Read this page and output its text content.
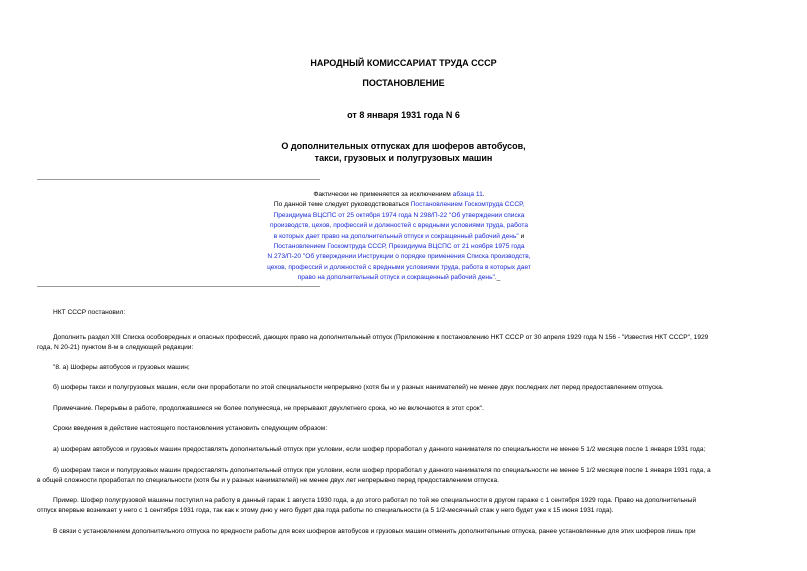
НАРОДНЫЙ КОМИССАРИАТ ТРУДА СССР
ПОСТАНОВЛЕНИЕ
от 8 января 1931 года N 6
О дополнительных отпусках для шоферов автобусов,
такси, грузовых и полугрузовых машин
Фактически не применяется за исключением абзаца 11.
По данной теме следует руководствоваться Постановлением Госкомтруда СССР,
Президиума ВЦСПС от 25 октября 1974 года N 298/П-22 "Об утверждении списка
производств, цехов, профессий и должностей с вредными условиями труда, работа
в которых дает право на дополнительный отпуск и сокращенный рабочий день" и
Постановлением Госкомтруда СССР, Президиума ВЦСПС от 21 ноября 1975 года
N 273/П-20 "Об утверждении Инструкции о порядке применения Списка производств,
цехов, профессий и должностей с вредными условиями труда, работа в которых дает
право на дополнительный отпуск и сокращенный рабочий день"._
НКТ СССР постановил:
Дополнить раздел XIII Списка особовредных и опасных профессий, дающих право на дополнительный отпуск (Приложение к постановлению НКТ СССР от 30 апреля 1929 года N 156 - "Известия НКТ СССР", 1929
года, N 20-21) пунктом 8-м в следующей редакции:
"8. а) Шоферы автобусов и грузовых машин;
б) шоферы такси и полугрузовых машин, если они проработали по этой специальности непрерывно (хотя бы и у разных нанимателей) не менее двух последних лет перед предоставлением отпуска.
Примечание. Перерывы в работе, продолжавшиеся не более полумесяца, не прерывают двухлетнего срока, но не включаются в этот срок".
Сроки введения в действие настоящего постановления установить следующим образом:
а) шоферам автобусов и грузовых машин предоставлять дополнительный отпуск при условии, если шофер проработал у данного нанимателя по специальности не менее 5 1/2 месяцев после 1 января 1931 года;
б) шоферам такси и полугрузовых машин предоставлять дополнительный отпуск при условии, если шофер проработал у данного нанимателя по специальности не менее 5 1/2 месяцев после 1 января 1931 года, а
в общей сложности проработал по специальности (хотя бы и у разных нанимателей) не менее двух лет непрерывно перед предоставлением отпуска.
Пример. Шофер полугрузовой машины поступил на работу в данный гараж 1 августа 1930 года, а до этого работал по той же специальности в другом гараже с 1 сентября 1929 года. Право на дополнительный
отпуск впервые возникает у него с 1 сентября 1931 года, так как к этому дню у него будет два года работы по специальности (а 5 1/2-месячный стаж у него будет уже к 15 июня 1931 года).
В связи с установлением дополнительного отпуска по вредности работы для всех шоферов автобусов и грузовых машин отменить дополнительные отпуска, ранее установленные для этих шоферов лишь при
